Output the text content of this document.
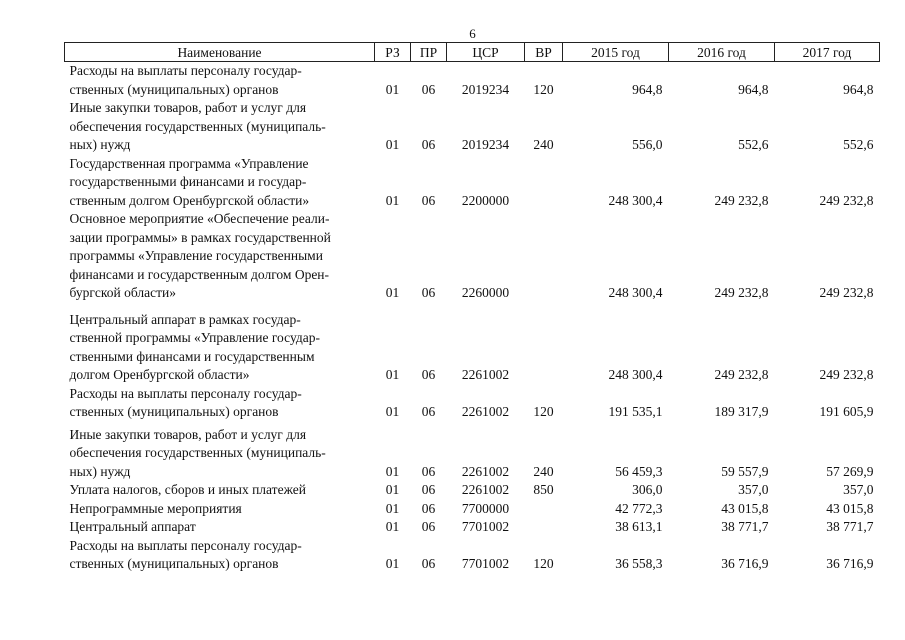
6
Наименование	РЗ	ПР	ЦСР	ВР	2015 год	2016 год	2017 год

Расходы на выплаты персоналу государ-
ственных (муниципальных) органов	01	06	2019234	120	964,8	964,8	964,8

Иные закупки товаров, работ и услуг для
обеспечения государственных (муниципаль-
ных) нужд	01	06	2019234	240	556,0	552,6	552,6

Государственная программа «Управление
государственными финансами и государ-
ственным долгом Оренбургской области»	01	06	2200000		248 300,4	249 232,8	249 232,8

Основное мероприятие «Обеспечение реали-
зации программы» в рамках государственной
программы «Управление государственными
финансами и государственным долгом Орен-
бургской области»	01	06	2260000		248 300,4	249 232,8	249 232,8

Центральный аппарат в рамках государ-
ственной программы «Управление государ-
ственными финансами и государственным
долгом Оренбургской области»	01	06	2261002		248 300,4	249 232,8	249 232,8

Расходы на выплаты персоналу государ-
ственных (муниципальных) органов	01	06	2261002	120	191 535,1	189 317,9	191 605,9

Иные закупки товаров, работ и услуг для
обеспечения государственных (муниципаль-
ных) нужд	01	06	2261002	240	56 459,3	59 557,9	57 269,9

Уплата налогов, сборов и иных платежей	01	06	2261002	850	306,0	357,0	357,0

Непрограммные мероприятия	01	06	7700000		42 772,3	43 015,8	43 015,8

Центральный аппарат	01	06	7701002		38 613,1	38 771,7	38 771,7

Расходы на выплаты персоналу государ-
ственных (муниципальных) органов	01	06	7701002	120	36 558,3	36 716,9	36 716,9
